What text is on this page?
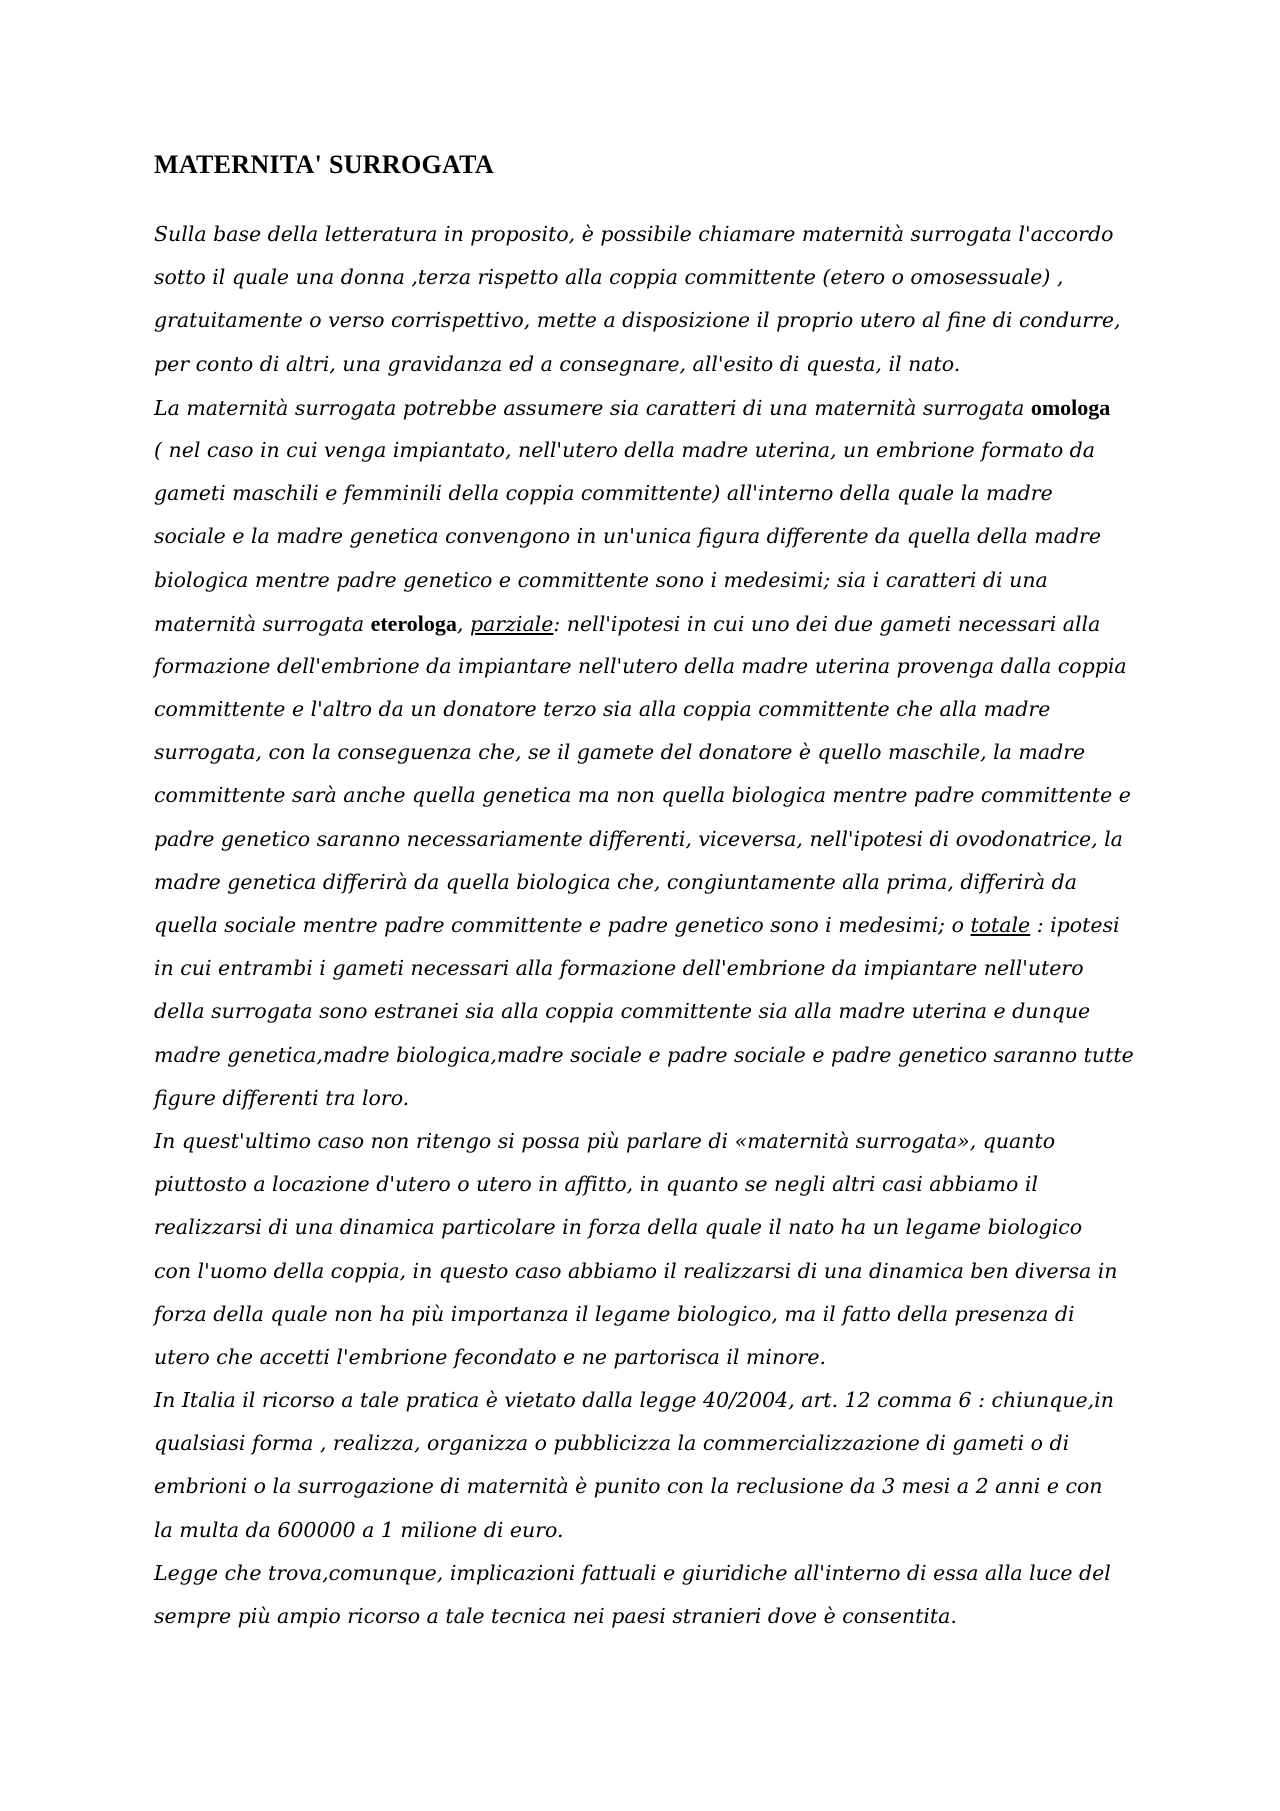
MATERNITA' SURROGATA
Sulla base della letteratura in proposito, è possibile chiamare maternità surrogata l'accordo
sotto il quale una donna ,terza rispetto alla coppia committente (etero o omosessuale) ,
gratuitamente o verso corrispettivo, mette a disposizione il proprio utero al fine di condurre,
per conto di altri, una gravidanza ed a consegnare, all'esito di questa, il nato.
La maternità surrogata potrebbe assumere sia caratteri di una maternità surrogata omologa
( nel caso in cui venga impiantato, nell'utero della madre uterina, un embrione formato da
gameti maschili e femminili della coppia committente) all'interno della quale la madre
sociale e la madre genetica convengono in un'unica figura differente da quella della madre
biologica mentre padre genetico e committente sono i medesimi; sia i caratteri di una
maternità surrogata eterologa, parziale: nell'ipotesi in cui uno dei due gameti necessari alla
formazione dell'embrione da impiantare nell'utero della madre uterina provenga dalla coppia
committente e l'altro da un donatore terzo sia alla coppia committente che alla madre
surrogata, con la conseguenza che, se il gamete del donatore è quello maschile, la madre
committente sarà anche quella genetica ma non quella biologica mentre padre committente e
padre genetico saranno necessariamente differenti, viceversa, nell'ipotesi di ovodonatrice, la
madre genetica differirà da quella biologica che, congiuntamente alla prima, differirà da
quella sociale mentre padre committente e padre genetico sono i medesimi; o totale : ipotesi
in cui entrambi i gameti necessari alla formazione dell'embrione da impiantare nell'utero
della surrogata sono estranei sia alla coppia committente sia alla madre uterina e dunque
madre genetica,madre biologica,madre sociale e padre sociale e padre genetico saranno tutte
figure differenti tra loro.
In quest'ultimo caso non ritengo si possa più parlare di «maternità surrogata», quanto
piuttosto a locazione d'utero o utero in affitto, in quanto se negli altri casi abbiamo il
realizzarsi di una dinamica particolare in forza della quale il nato ha un legame biologico
con l'uomo della coppia, in questo caso abbiamo il realizzarsi di una dinamica ben diversa in
forza della quale non ha più importanza il legame biologico, ma il fatto della presenza di
utero che accetti l'embrione fecondato e ne partorisca il minore.
In Italia il ricorso a tale pratica è vietato dalla legge 40/2004, art. 12 comma 6 : chiunque,in
qualsiasi forma , realizza, organizza o pubblicizza la commercializzazione di gameti o di
embrioni o la surrogazione di maternità è punito con la reclusione da 3 mesi a 2 anni e con
la multa da 600000 a 1 milione di euro.
Legge che trova,comunque, implicazioni fattuali e giuridiche all'interno di essa alla luce del
sempre più ampio ricorso a tale tecnica nei paesi stranieri dove è consentita.
